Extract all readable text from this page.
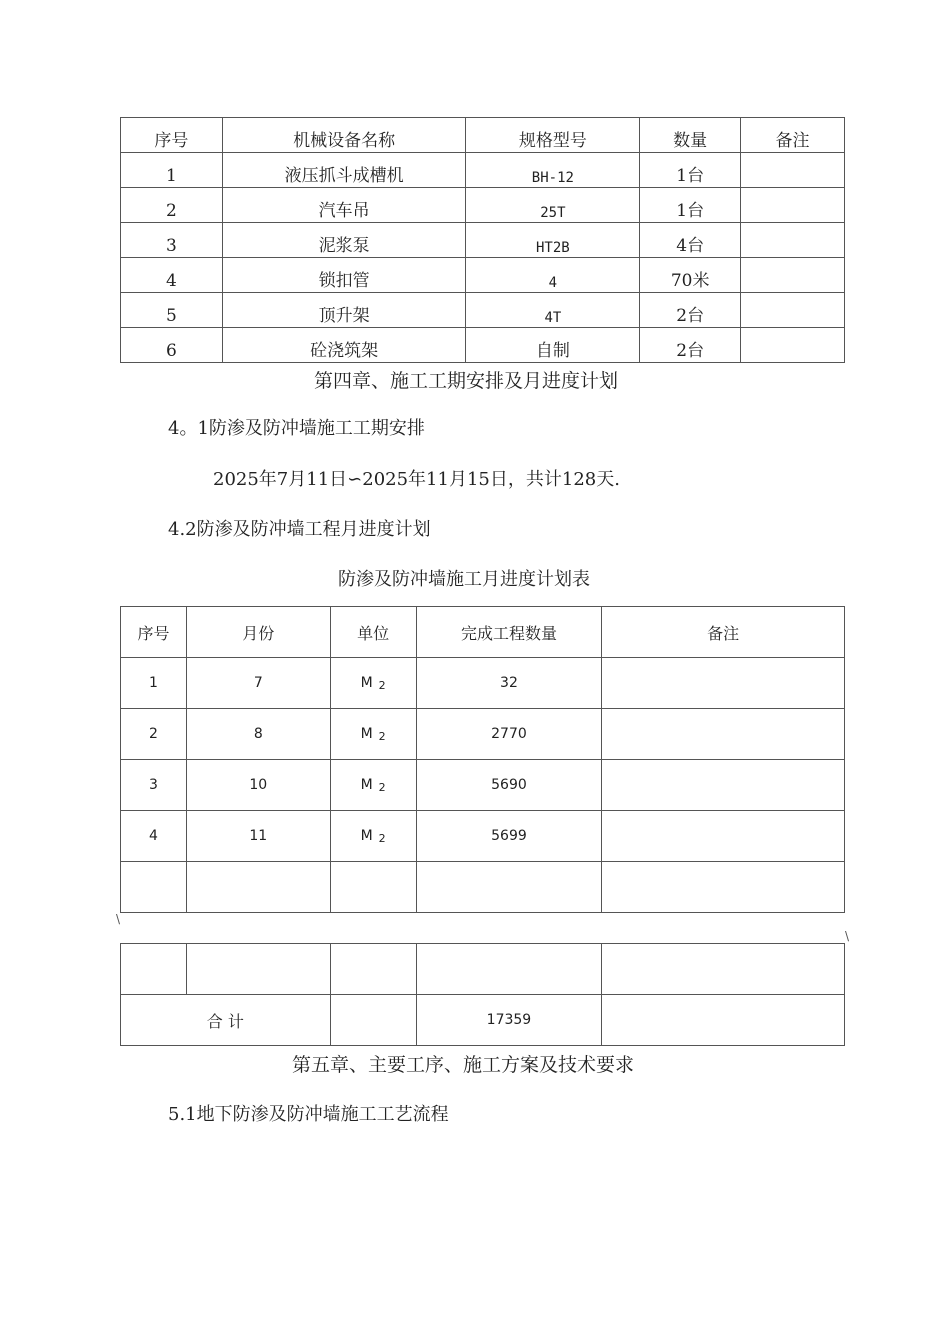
序号	机械设备名称	规格型号	数量	备注
1	液压抓斗成槽机	BH-12	1台	
2	汽车吊	25T	1台	
3	泥浆泵	HT2B	4台	
4	锁扣管	4	70米	
5	顶升架	4T	2台	
6	砼浇筑架	自制	2台	
第四章、施工工期安排及月进度计划
4。1防渗及防冲墙施工工期安排
2025年7月11日∽2025年11月15日，共计128天.
4.2防渗及防冲墙工程月进度计划
防渗及防冲墙施工月进度计划表
序号	月份	单位	完成工程数量	备注
1	7	M $_2$	32	
2	8	M $_2$	2770	
3	10	M $_2$	5690	
4	11	M $_2$	5699	

\
\

合 计			17359	
第五章、主要工序、施工方案及技术要求
5.1地下防渗及防冲墙施工工艺流程
